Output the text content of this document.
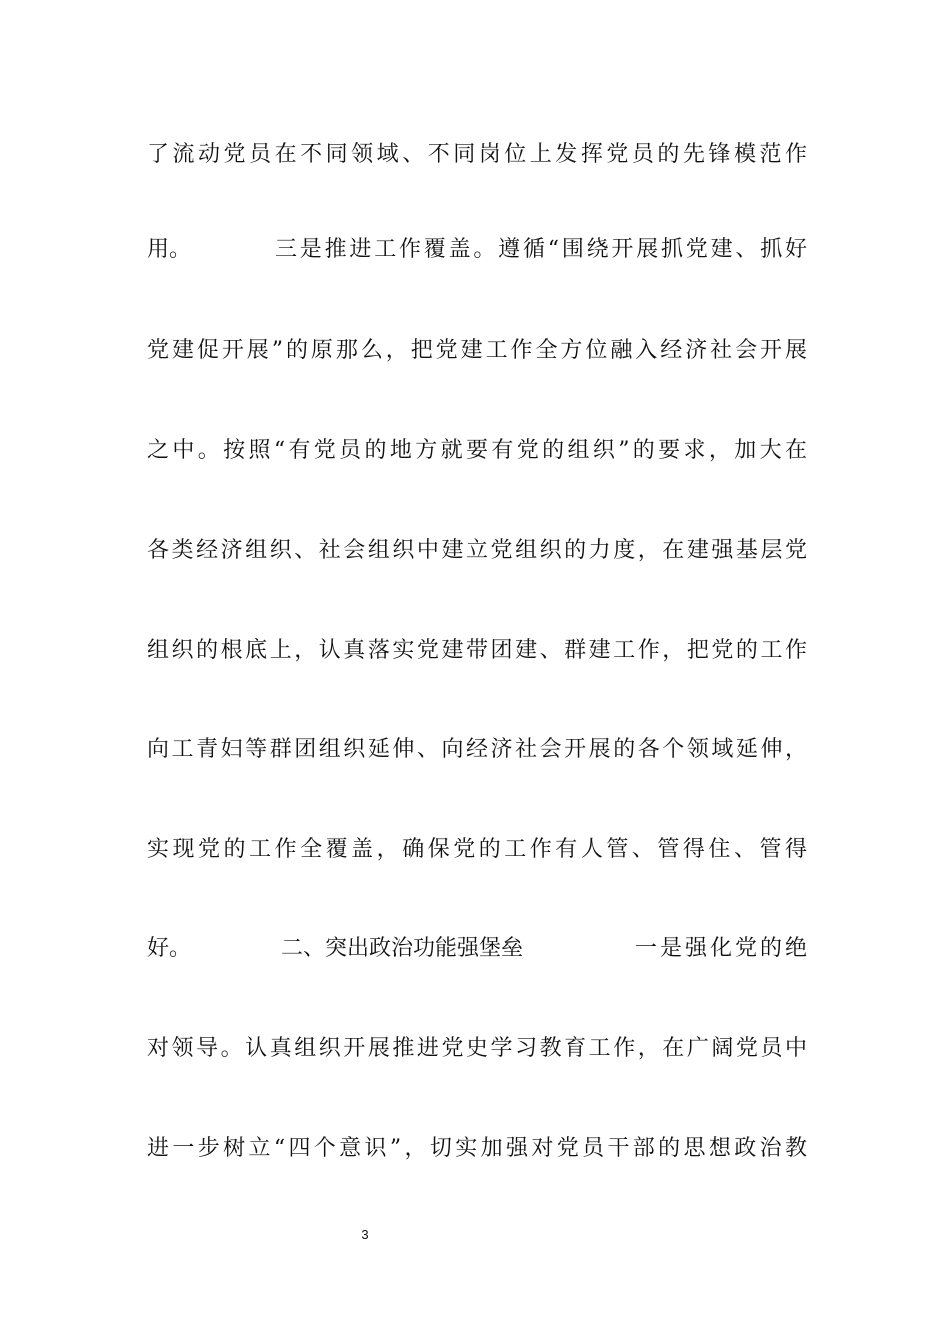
了流动党员在不同领域、不同岗位上发挥党员的先锋模范作
用。	三是推进工作覆盖。遵循“围绕开展抓党建、抓好
党建促开展”的原那么，把党建工作全方位融入经济社会开展
之中。按照“有党员的地方就要有党的组织”的要求，加大在
各类经济组织、社会组织中建立党组织的力度，在建强基层党
组织的根底上，认真落实党建带团建、群建工作，把党的工作
向工青妇等群团组织延伸、向经济社会开展的各个领域延伸，
实现党的工作全覆盖，确保党的工作有人管、管得住、管得
好。	二、突出政治功能强堡垒	一是强化党的绝
对领导。认真组织开展推进党史学习教育工作，在广阔党员中
进一步树立“四个意识”，切实加强对党员干部的思想政治教
3
